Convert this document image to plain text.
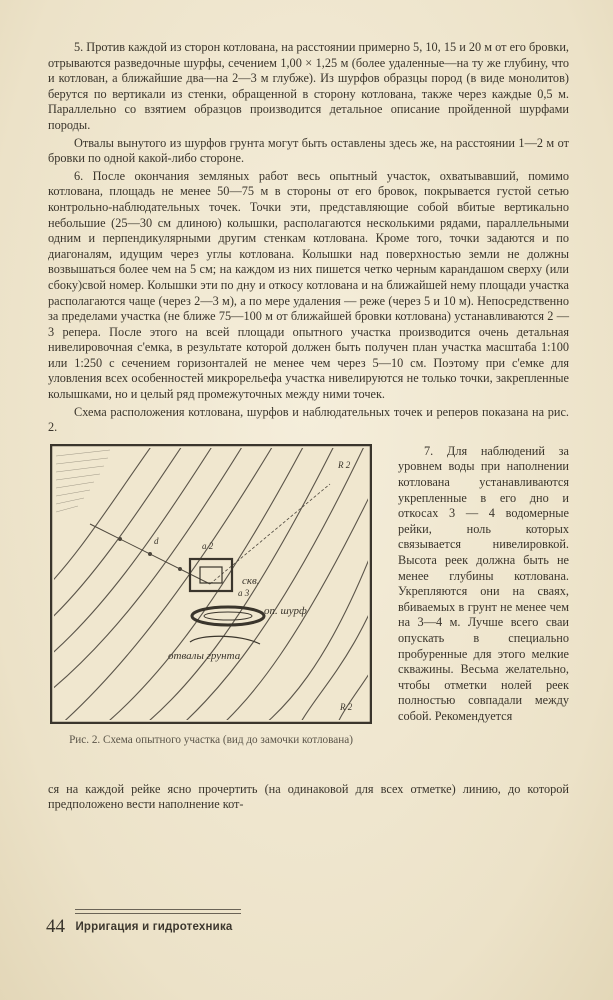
5. Против каждой из сторон котлована, на расстоянии примерно 5, 10, 15 и 20 м от его бровки, отрываются разведочные шурфы, сечением 1,00 × 1,25 м (более удаленные—на ту же глубину, что и котлован, а ближайшие два—на 2—3 м глубже). Из шурфов образцы пород (в виде монолитов) берутся по вертикали из стенки, обращенной в сторону котлована, также через каждые 0,5 м. Параллельно со взятием образцов производится детальное описание пройденной шурфами породы.

Отвалы вынутого из шурфов грунта могут быть оставлены здесь же, на расстоянии 1—2 м от бровки по одной какой-либо стороне.

6. После окончания земляных работ весь опытный участок, охватывавший, помимо котлована, площадь не менее 50—75 м в стороны от его бровок, покрывается густой сетью контрольно-наблюдательных точек. Точки эти, представляющие собой вбитые вертикально небольшие (25—30 см длиною) колышки, располагаются несколькими рядами, параллельными одним и перпендикулярными другим стенкам котлована. Кроме того, точки задаются и по диагоналям, идущим через углы котлована. Колышки над поверхностью земли не должны возвышаться более чем на 5 см; на каждом из них пишется четко черным карандашом сверху (или сбоку)свой номер. Колышки эти по дну и откосу котлована и на ближайшей нему площади участка располагаются чаще (через 2—3 м), а по мере удаления — реже (через 5 и 10 м). Непосредственно за пределами участка (не ближе 75—100 м от ближайшей бровки котлована) устанавливаются 2 — 3 репера. После этого на всей площади опытного участка производится очень детальная нивелировочная с'емка, в результате которой должен быть получен план участка масштаба 1:100 или 1:250 с сечением горизонталей не менее чем через 5—10 см. Поэтому при с'емке для уловления всех особенностей микрорельефа участка нивелируются не только точки, закрепленные колышками, но и целый ряд промежуточных между ними точек.

Схема расположения котлована, шурфов и наблюдательных точек и реперов показана на рис. 2.

скв.
оп. шурф
отвалы грунта
R 2
R 2
a 2
a 3
d
Рис. 2. Схема опытного участка (вид до замочки котлована)

7. Для наблюдений за уровнем воды при наполнении котлована устанавливаются укрепленные в его дно и откосах 3 — 4 водомерные рейки, ноль которых связывается нивелировкой. Высота реек должна быть не менее глубины котлована. Укрепляются они на сваях, вбиваемых в грунт не менее чем на 3—4 м. Лучше всего сваи опускать в специально пробуренные для этого мелкие скважины. Весьма желательно, чтобы отметки нолей реек полностью совпадали между собой. Рекомендуется

ся на каждой рейке ясно прочертить (на одинаковой для всех отметке) линию, до которой предположено вести наполнение кот-

44 Ирригация и гидротехника
